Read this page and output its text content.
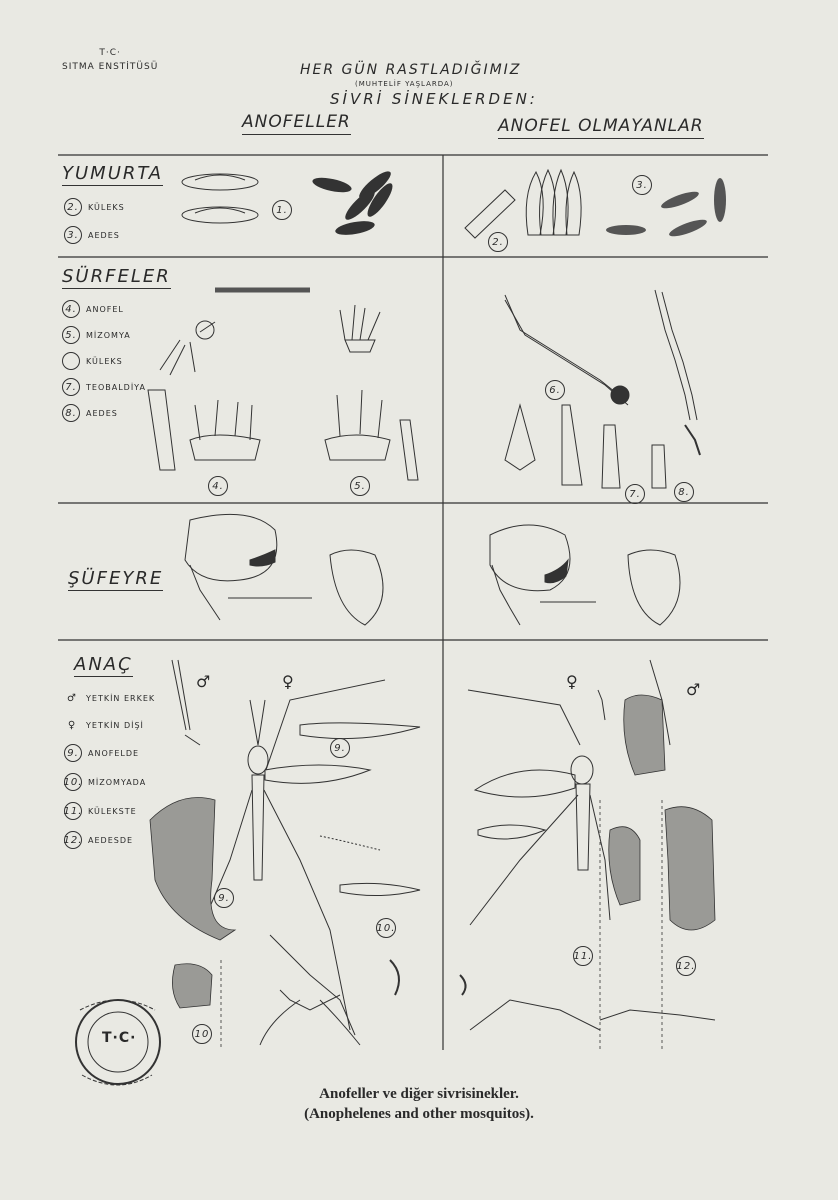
T·C·
SITMA ENSTİTÜSÜ	HER GÜN RASTLADIĞIMIZ
(MUHTELİF YAŞLARDA)
SİVRİ SİNEKLERDEN:
ANOFELLER	ANOFEL OLMAYANLAR
YUMURTA
2.	KÜLEKS
3.	AEDES
1.
2.
3.
SÜRFELER
4.	ANOFEL
5.	MİZOMYA
KÜLEKS
7.	TEOBALDİYA
8.	AEDES
4.	5.
6.
7.	8.
ŞÜFEYRE
ANAÇ
♂	YETKİN ERKEK
♀	YETKİN DİŞİ
9.	ANOFELDE
10. MİZOMYADA
11. KÜLEKSTE
12. AEDESDE
♂	♀	♀	♂
9.
9.
10.
10
11.
12.
T·C·
Anofeller ve diğer sivrisinekler.
(Anophelenes and other mosquitos).
